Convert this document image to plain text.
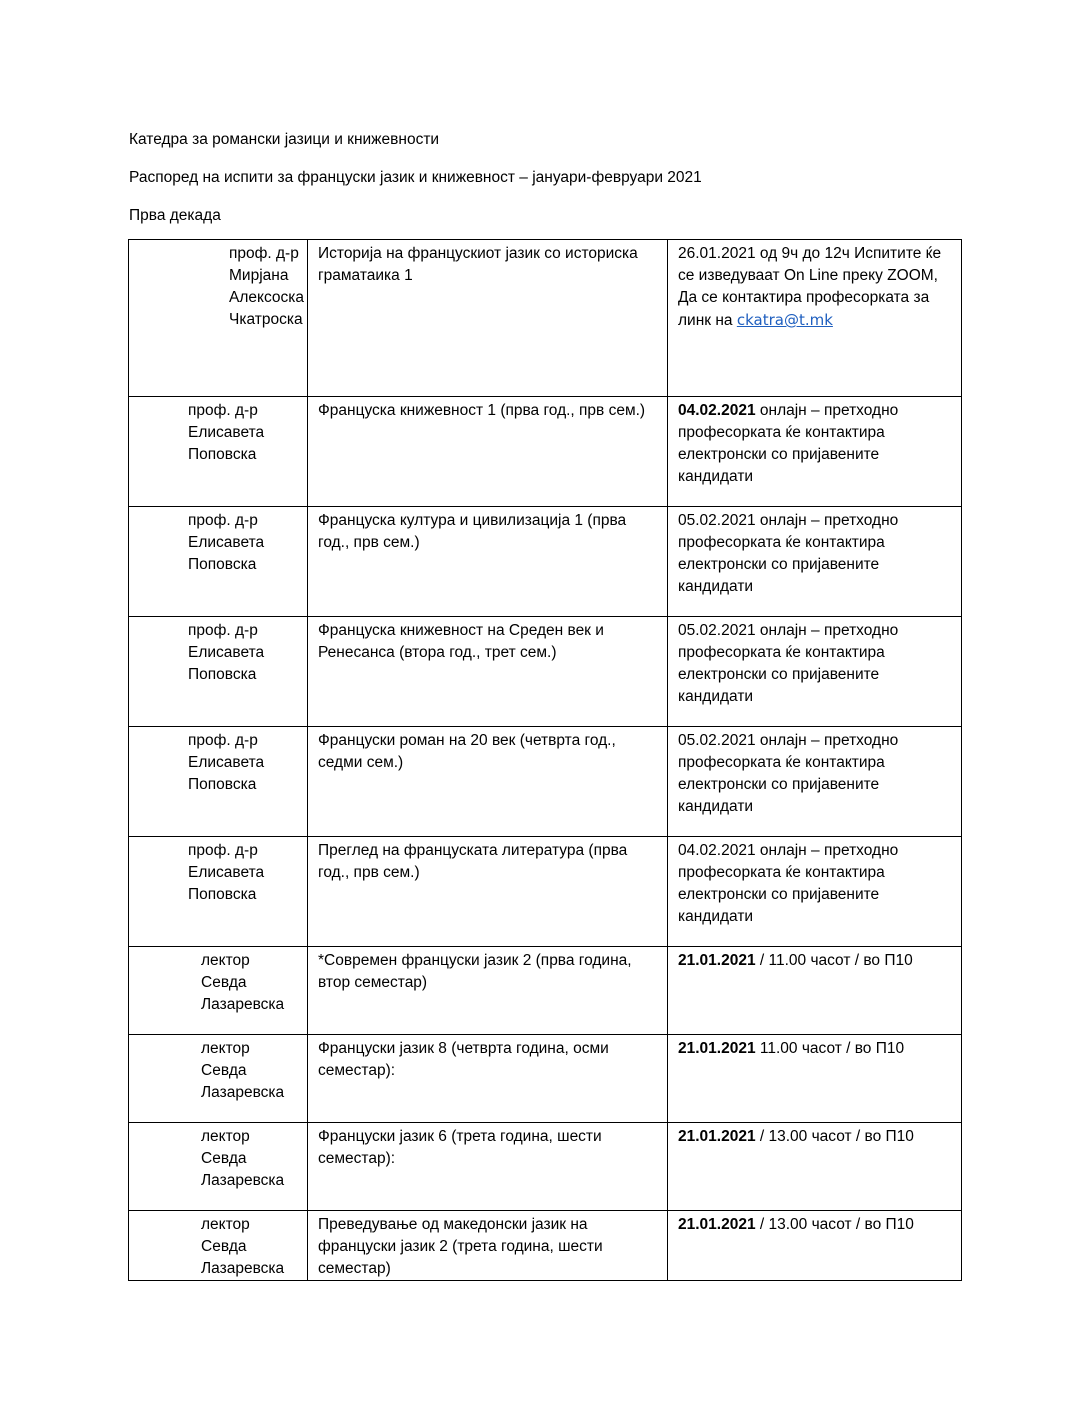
Катедра за романски јазици и книжевности
Распоред на испити за француски јазик и книжевност – јануари-февруари 2021
Прва декада
проф. д-р
Мирјана
Алексоска
Чкатроска	Историја на францускиот јазик со историска граматаика 1	26.01.2021 од 9ч до 12ч Испитите ќе се изведуваат On Line преку ZOOM, Да се контактира професорката за линк на ckatra@t.mk

проф. д-р
Елисавета
Поповска	Француска книжевност 1 (прва год., прв сем.)	04.02.2021 онлајн – претходно професорката ќе контактира електронски со пријавените кандидати

проф. д-р
Елисавета
Поповска	Француска култура и цивилизација 1 (прва год., прв сем.)	05.02.2021 онлајн – претходно професорката ќе контактира електронски со пријавените кандидати

проф. д-р
Елисавета
Поповска	Француска книжевност на Среден век и Ренесанса (втора год., трет сем.)	05.02.2021 онлајн – претходно професорката ќе контактира електронски со пријавените кандидати

проф. д-р
Елисавета
Поповска	Француски роман на 20 век (четврта год., седми сем.)	05.02.2021 онлајн – претходно професорката ќе контактира електронски со пријавените кандидати

проф. д-р
Елисавета
Поповска	Преглед на француската литература (прва год., прв сем.)	04.02.2021 онлајн – претходно професорката ќе контактира електронски со пријавените кандидати

лектор
Севда
Лазаревска	*Современ француски јазик 2 (прва година, втор семестар)	21.01.2021 / 11.00 часот / во П10

лектор
Севда
Лазаревска	Француски јазик 8 (четврта година, осми семестар):	21.01.2021 11.00 часот / во П10

лектор
Севда
Лазаревска	Француски јазик 6 (трета година, шести семестар):	21.01.2021 / 13.00 часот / во П10

лектор
Севда
Лазаревска	Преведување од македонски јазик на француски јазик 2 (трета година, шести семестар)	21.01.2021 / 13.00 часот / во П10
